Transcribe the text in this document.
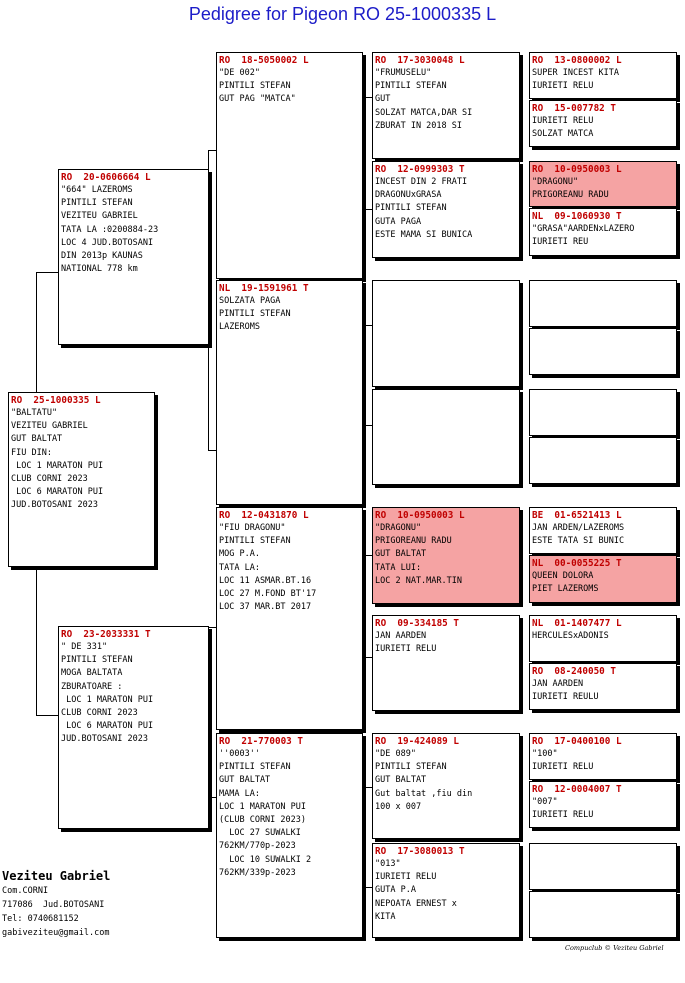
Pedigree for Pigeon RO 25-1000335 L
RO  25-1000335 L
"BALTATU"
VEZITEU GABRIEL
GUT BALTAT
FIU DIN:
LOC 1 MARATON PUI
CLUB CORNI 2023
LOC 6 MARATON PUI
JUD.BOTOSANI 2023
RO  20-0606664 L
"664" LAZEROMS
PINTILI STEFAN
VEZITEU GABRIEL
TATA LA :0200884-23
LOC 4 JUD.BOTOSANI
DIN 2013p KAUNAS
NATIONAL 778 km
RO  23-2033331 T
" DE 331"
PINTILI STEFAN
MOGA BALTATA
ZBURATOARE :
LOC 1 MARATON PUI
CLUB CORNI 2023
LOC 6 MARATON PUI
JUD.BOTOSANI 2023
RO  18-5050002 L
"DE 002"
PINTILI STEFAN
GUT PAG "MATCA"
NL  19-1591961 T
SOLZATA PAGA
PINTILI STEFAN
LAZEROMS
RO  12-0431870 L
"FIU DRAGONU"
PINTILI STEFAN
MOG P.A.
TATA LA:
LOC 11 ASMAR.BT.16
LOC 27 M.FOND BT'17
LOC 37 MAR.BT 2017
RO  21-770003 T
''0003''
PINTILI STEFAN
GUT BALTAT
MAMA LA:
LOC 1 MARATON PUI
(CLUB CORNI 2023)
LOC 27 SUWALKI
762KM/770p-2023
LOC 10 SUWALKI 2
762KM/339p-2023
RO  17-3030048 L
"FRUMUSELU"
PINTILI STEFAN
GUT
SOLZAT MATCA,DAR SI
ZBURAT IN 2018 SI
RO  12-0999303 T
INCEST DIN 2 FRATI
DRAGONUxGRASA
PINTILI STEFAN
GUTA PAGA
ESTE MAMA SI BUNICA
RO  10-0950003 L
"DRAGONU"
PRIGOREANU RADU
GUT BALTAT
TATA LUI:
LOC 2 NAT.MAR.TIN
RO  09-334185 T
JAN AARDEN
IURIETI RELU
RO  19-424089 L
"DE 089"
PINTILI STEFAN
GUT BALTAT
Gut baltat ,fiu din
100 x 007
RO  17-3080013 T
"013"
IURIETI RELU
GUTA P.A
NEPOATA ERNEST x
KITA
RO  13-0800002 L
SUPER INCEST KITA
IURIETI RELU
RO  15-007782 T
IURIETI RELU
SOLZAT MATCA
RO  10-0950003 L
"DRAGONU"
PRIGOREANU RADU
NL  09-1060930 T
"GRASA"AARDENxLAZERO
IURIETI REU
BE  01-6521413 L
JAN ARDEN/LAZEROMS
ESTE TATA SI BUNIC
NL  00-0055225 T
QUEEN DOLORA
PIET LAZEROMS
NL  01-1407477 L
HERCULESxADONIS
RO  08-240050 T
JAN AARDEN
IURIETI REULU
RO  17-0400100 L
"100"
IURIETI RELU
RO  12-0004007 T
"007"
IURIETI RELU
Veziteu Gabriel
Com.CORNI
717086  Jud.BOTOSANI
Tel: 0740681152
gabiveziteu@gmail.com
Compuclub © Veziteu Gabriel
